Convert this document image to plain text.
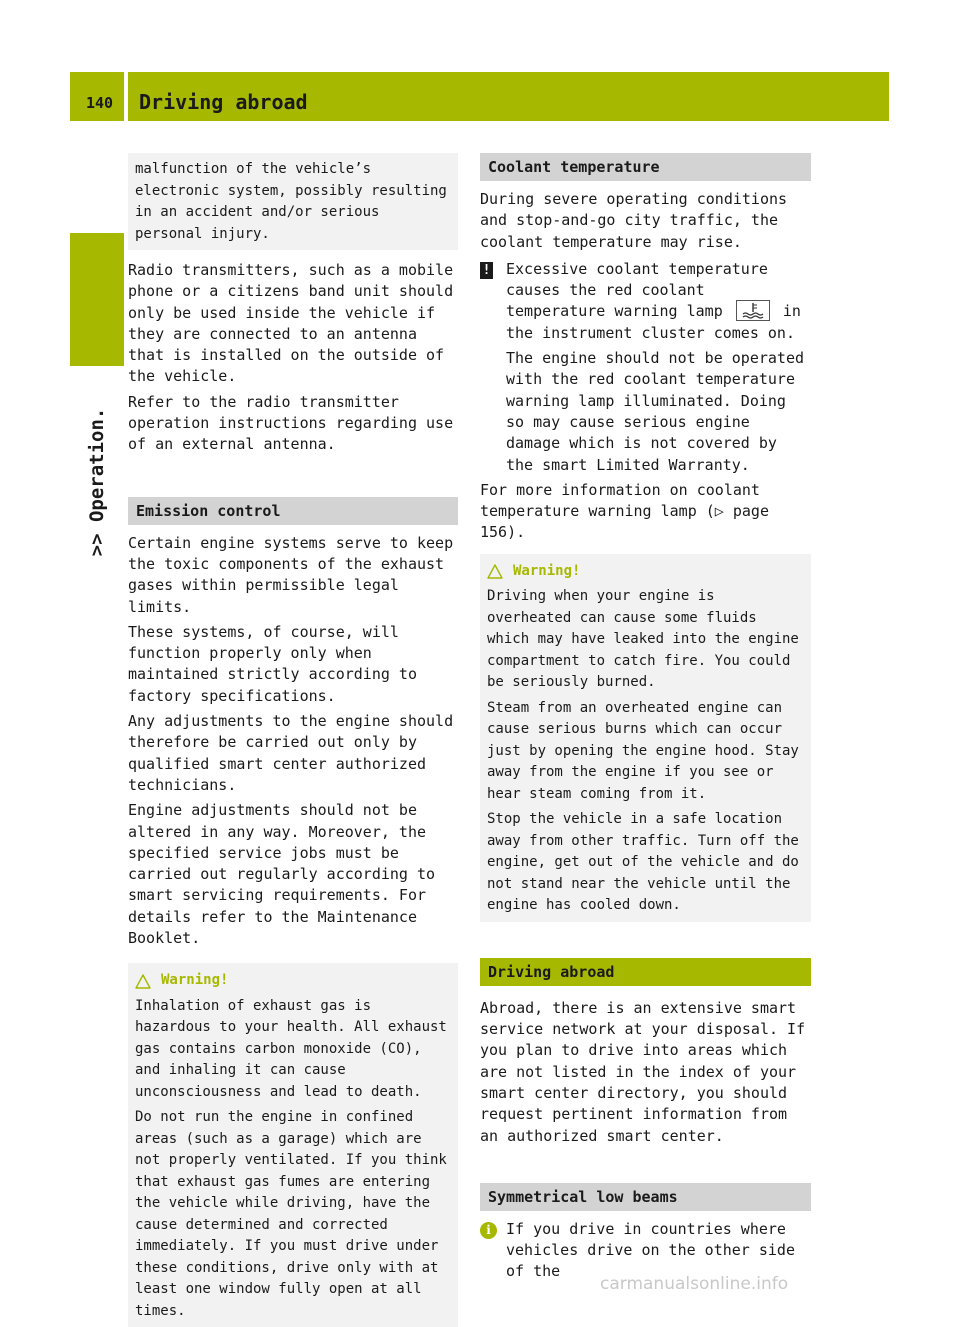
140 Driving abroad
>> Operation.

malfunction of the vehicle’s electronic system, possibly resulting in an accident and/or serious personal injury.

Radio transmitters, such as a mobile phone or a citizens band unit should only be used inside the vehicle if they are connected to an antenna that is installed on the outside of the vehicle.

Refer to the radio transmitter operation instructions regarding use of an external antenna.

Emission control

Certain engine systems serve to keep the toxic components of the exhaust gases within permissible legal limits.

These systems, of course, will function properly only when maintained strictly according to factory specifications.

Any adjustments to the engine should therefore be carried out only by qualified smart center authorized technicians.

Engine adjustments should not be altered in any way. Moreover, the specified service jobs must be carried out regularly according to smart servicing requirements. For details refer to the Maintenance Booklet.

Warning!

Inhalation of exhaust gas is hazardous to your health. All exhaust gas contains carbon monoxide (CO), and inhaling it can cause unconsciousness and lead to death.

Do not run the engine in confined areas (such as a garage) which are not properly ventilated. If you think that exhaust gas fumes are entering the vehicle while driving, have the cause determined and corrected immediately. If you must drive under these conditions, drive only with at least one window fully open at all times.

Coolant temperature

During severe operating conditions and stop-and-go city traffic, the coolant temperature may rise.

!	Excessive coolant temperature causes the red coolant temperature warning lamp	in the instrument cluster comes on.

The engine should not be operated with the red coolant temperature warning lamp illuminated. Doing so may cause serious engine damage which is not covered by the smart Limited Warranty.

For more information on coolant temperature warning lamp (▷ page 156).

Warning!

Driving when your engine is overheated can cause some fluids which may have leaked into the engine compartment to catch fire. You could be seriously burned.

Steam from an overheated engine can cause serious burns which can occur just by opening the engine hood. Stay away from the engine if you see or hear steam coming from it.

Stop the vehicle in a safe location away from other traffic. Turn off the engine, get out of the vehicle and do not stand near the vehicle until the engine has cooled down.

Driving abroad

Abroad, there is an extensive smart service network at your disposal. If you plan to drive into areas which are not listed in the index of your smart center directory, you should request pertinent information from an authorized smart center.

Symmetrical low beams
i	If you drive in countries where vehicles drive on the other side of the

carmanualsonline.info
